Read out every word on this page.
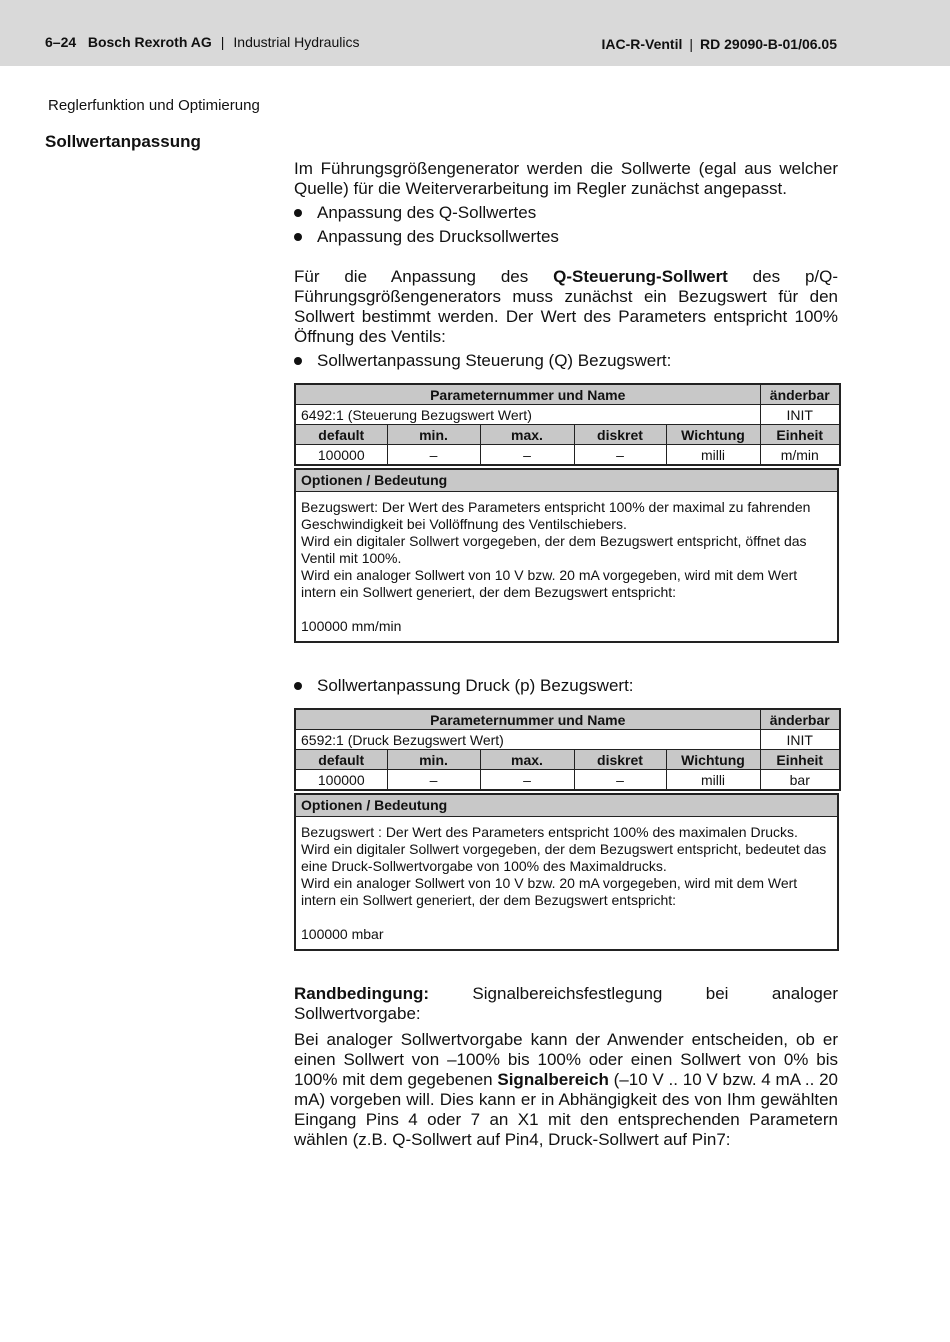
6–24 Bosch Rexroth AG | Industrial Hydraulics	IAC-R-Ventil | RD 29090-B-01/06.05
Reglerfunktion und Optimierung
Sollwertanpassung

Im Führungsgrößengenerator werden die Sollwerte (egal aus welcher Quelle) für die Weiterverarbeitung im Regler zunächst angepasst.

Anpassung des Q-Sollwertes
Anpassung des Drucksollwertes

Für die Anpassung des Q-Steuerung-Sollwert des p/Q-Führungsgrößengenerators muss zunächst ein Bezugswert für den Sollwert bestimmt werden. Der Wert des Parameters entspricht 100% Öffnung des Ventils:

Sollwertanpassung Steuerung (Q) Bezugswert:
Parameternummer und Name					änderbar
6492:1 (Steuerung Bezugswert Wert)					INIT
default	min.	max.	diskret	Wichtung	Einheit
100000	–	–	–	milli	m/min
Optionen / Bedeutung
Bezugswert: Der Wert des Parameters entspricht 100% der maximal zu fahrenden Geschwindigkeit bei Vollöffnung des Ventilschiebers.
Wird ein digitaler Sollwert vorgegeben, der dem Bezugswert entspricht, öffnet das Ventil mit 100%.
Wird ein analoger Sollwert von 10 V bzw. 20 mA vorgegeben, wird mit dem Wert intern ein Sollwert generiert, der dem Bezugswert entspricht:
100000 mm/min
Sollwertanpassung Druck (p) Bezugswert:
Parameternummer und Name					änderbar
6592:1 (Druck Bezugswert Wert)					INIT
default	min.	max.	diskret	Wichtung	Einheit
100000	–	–	–	milli	bar
Optionen / Bedeutung
Bezugswert : Der Wert des Parameters entspricht 100% des maximalen Drucks.
Wird ein digitaler Sollwert vorgegeben, der dem Bezugswert entspricht, bedeutet das eine Druck-Sollwertvorgabe von 100% des Maximaldrucks.
Wird ein analoger Sollwert von 10 V bzw. 20 mA vorgegeben, wird mit dem Wert intern ein Sollwert generiert, der dem Bezugswert entspricht:
100000 mbar

Randbedingung: Signalbereichsfestlegung bei analoger Sollwertvorgabe:

Bei analoger Sollwertvorgabe kann der Anwender entscheiden, ob er einen Sollwert von –100% bis 100% oder einen Sollwert von 0% bis 100% mit dem gegebenen Signalbereich (–10 V .. 10 V bzw. 4 mA .. 20 mA) vorgeben will. Dies kann er in Abhängigkeit des von Ihm gewählten Eingang Pins 4 oder 7 an X1 mit den entsprechenden Parametern wählen (z.B. Q-Sollwert auf Pin4, Druck-Sollwert auf Pin7:
